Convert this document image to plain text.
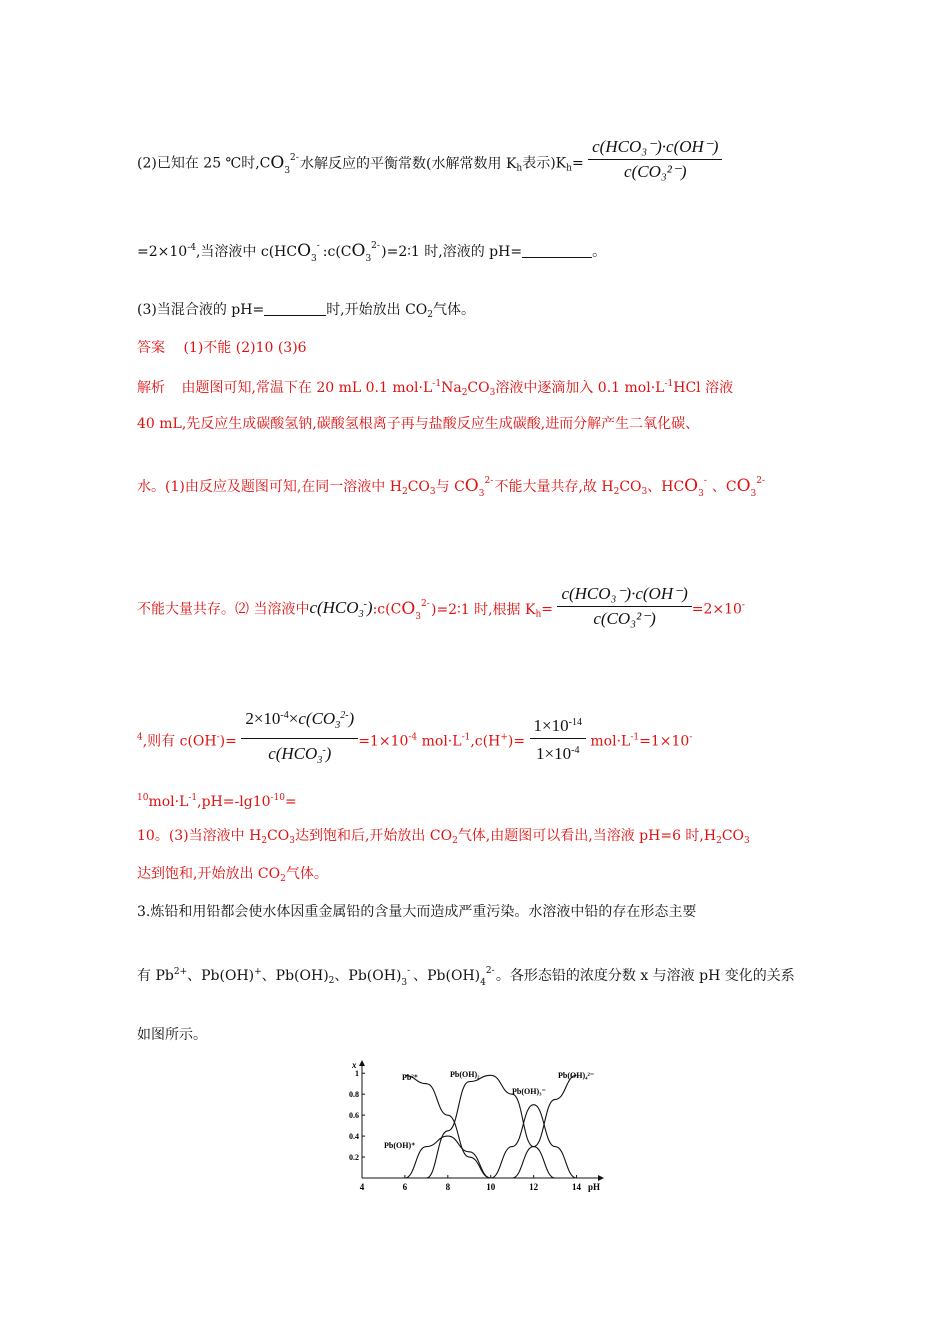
(2)已知在 25 ℃时$,CO_3$
2- 水解反应的平衡常数(水解常数用 $K_h$表示)$K_h= \frac{\text{c(HCO₃⁻)·c(OH⁻)}}{\text{c(CO₃²⁻)}}$
$=2\times 10^{-4}$,当溶液中 $c(HCO_3$
- $:c(CO_3$
2- )=2∶1 时,溶液的 pH=	。
(3)当混合液的 pH=	时,开始放出 $CO_2$气体。
答案 (1)不能 (2)10 (3)6
解析 由题图可知,常温下在 20 mL 0.1 $mol\cdot L^{-1}Na_2CO_3$溶液中逐滴加入 0.1 $mol\cdot L^{-1}HCl$ 溶液
40 mL,先反应生成碳酸氢钠,碳酸氢根离子再与盐酸反应生成碳酸,进而分解产生二氧化碳、
水。(1)由反应及题图可知,在同一溶液中 $H_2CO_3$与 $CO_3$
2- 不能大量共存,故 $H_2CO_3$、$HCO_3$
- 、$CO_3$
2-
不能大量共存。⑵ 当溶液中 $c(HCO_3^-)$ $:c(CO_3$
2- )=2∶1 时,根据 $K_h= \frac{\text{c(HCO₃⁻)·c(OH⁻)}}{\text{c(CO₃²⁻)}} =2\times 10^-$
$^4$,则有 $c(OH^-)= \frac{2\times 10^{-4}\times c(CO_3^{2-})}{c(HCO_3^-)} =1\times 10^{-4}$ $mol\cdot L^{-1},c(H^+)= \frac{1\times 10^{-14}}{1\times 10^{-4}} mol\cdot L^{-1}=1\times 10^-$
$^{10}mol\cdot L^{-1},pH=-\lg 10^{-10}=$
10。(3)当溶液中 $H_2CO_3$达到饱和后,开始放出 $CO_2$气体,由题图可以看出,当溶液 pH=6 时$,H_2CO_3$
达到饱和,开始放出 $CO_2$气体。
3.炼铅和用铅都会使水体因重金属铅的含量大而造成严重污染。水溶液中铅的存在形态主要
有 $Pb^{2+}$、Pb(OH)+、$Pb(OH)_2$、$Pb(OH)_3$
- 、$Pb(OH)_4$
2- 。各形态铅的浓度分数 x 与溶液 pH 变化的关系
如图所示。
pH
x
4	6	8	10	12	14
1
0.8
0.6
0.4
0.2
Pb²⁺
Pb(OH)⁺
Pb(OH)₂
Pb(OH)₃⁻
Pb(OH)₄²⁻
